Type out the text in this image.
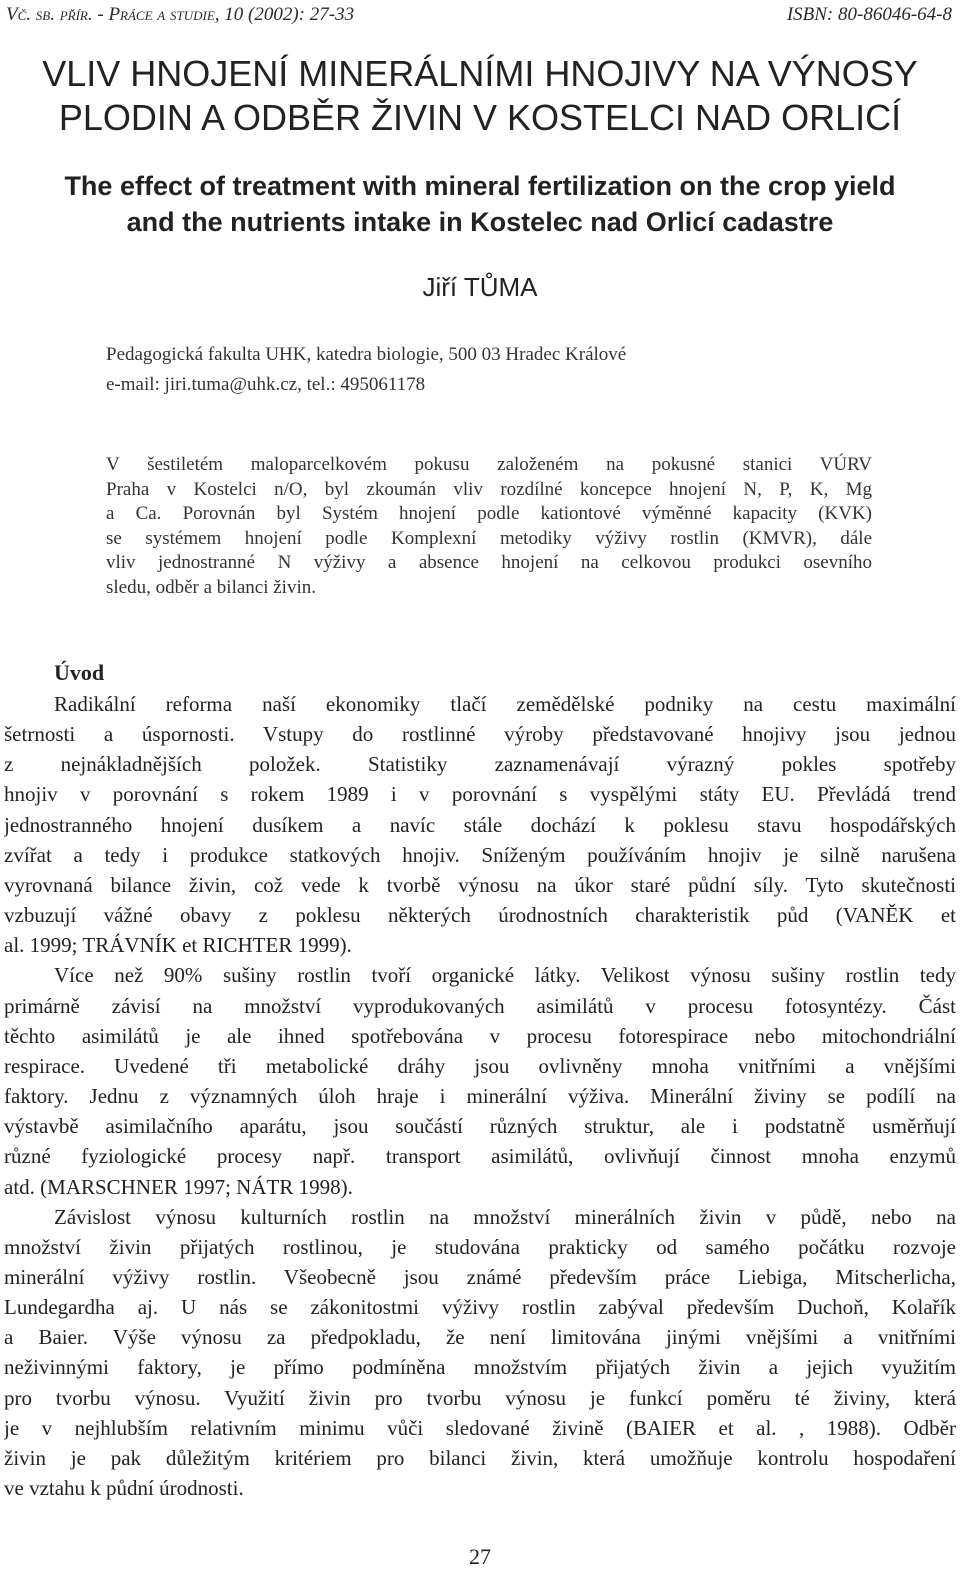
Vč. sb. přír. - Práce a studie, 10 (2002): 27-33	ISBN: 80-86046-64-8
VLIV HNOJENÍ MINERÁLNÍMI HNOJIVY NA VÝNOSY
PLODIN A ODBĚR ŽIVIN V KOSTELCI NAD ORLICÍ
The effect of treatment with mineral fertilization on the crop yield
and the nutrients intake in Kostelec nad Orlicí cadastre
Jiří TŮMA
Pedagogická fakulta UHK, katedra biologie, 500 03 Hradec Králové
e-mail: jiri.tuma@uhk.cz, tel.: 495061178
V šestiletém maloparcelkovém pokusu založeném na pokusné stanici VÚRV
Praha v Kostelci n/O, byl zkoumán vliv rozdílné koncepce hnojení N, P, K, Mg
a Ca. Porovnán byl Systém hnojení podle kationtové výměnné kapacity (KVK)
se systémem hnojení podle Komplexní metodiky výživy rostlin (KMVR), dále
vliv jednostranné N výživy a absence hnojení na celkovou produkci osevního
sledu, odběr a bilanci živin.
Úvod
Radikální reforma naší ekonomiky tlačí zemědělské podniky na cestu maximální
šetrnosti a úspornosti. Vstupy do rostlinné výroby představované hnojivy jsou jednou
z nejnákladnějších položek. Statistiky zaznamenávají výrazný pokles spotřeby
hnojiv v porovnání s rokem 1989 i v porovnání s vyspělými státy EU. Převládá trend
jednostranného hnojení dusíkem a navíc stále dochází k poklesu stavu hospodářských
zvířat a tedy i produkce statkových hnojiv. Sníženým používáním hnojiv je silně narušena
vyrovnaná bilance živin, což vede k tvorbě výnosu na úkor staré půdní síly. Tyto skutečnosti
vzbuzují vážné obavy z poklesu některých úrodnostních charakteristik půd (VANĚK et
al. 1999; TRÁVNÍK et RICHTER 1999).
Více než 90% sušiny rostlin tvoří organické látky. Velikost výnosu sušiny rostlin tedy
primárně závisí na množství vyprodukovaných asimilátů v procesu fotosyntézy. Část
těchto asimilátů je ale ihned spotřebována v procesu fotorespirace nebo mitochondriální
respirace. Uvedené tři metabolické dráhy jsou ovlivněny mnoha vnitřními a vnějšími
faktory. Jednu z významných úloh hraje i minerální výživa. Minerální živiny se podílí na
výstavbě asimilačního aparátu, jsou součástí různých struktur, ale i podstatně usměrňují
různé fyziologické procesy např. transport asimilátů, ovlivňují činnost mnoha enzymů
atd. (MARSCHNER 1997; NÁTR 1998).
Závislost výnosu kulturních rostlin na množství minerálních živin v půdě, nebo na
množství živin přijatých rostlinou, je studována prakticky od samého počátku rozvoje
minerální výživy rostlin. Všeobecně jsou známé především práce Liebiga, Mitscherlicha,
Lundegardha aj. U nás se zákonitostmi výživy rostlin zabýval především Duchoň, Kolařík
a Baier. Výše výnosu za předpokladu, že není limitována jinými vnějšími a vnitřními
neživinnými faktory, je přímo podmíněna množstvím přijatých živin a jejich využitím
pro tvorbu výnosu. Využití živin pro tvorbu výnosu je funkcí poměru té živiny, která
je v nejhlubším relativním minimu vůči sledované živině (BAIER et al. , 1988). Odběr
živin je pak důležitým kritériem pro bilanci živin, která umožňuje kontrolu hospodaření
ve vztahu k půdní úrodnosti.
27
